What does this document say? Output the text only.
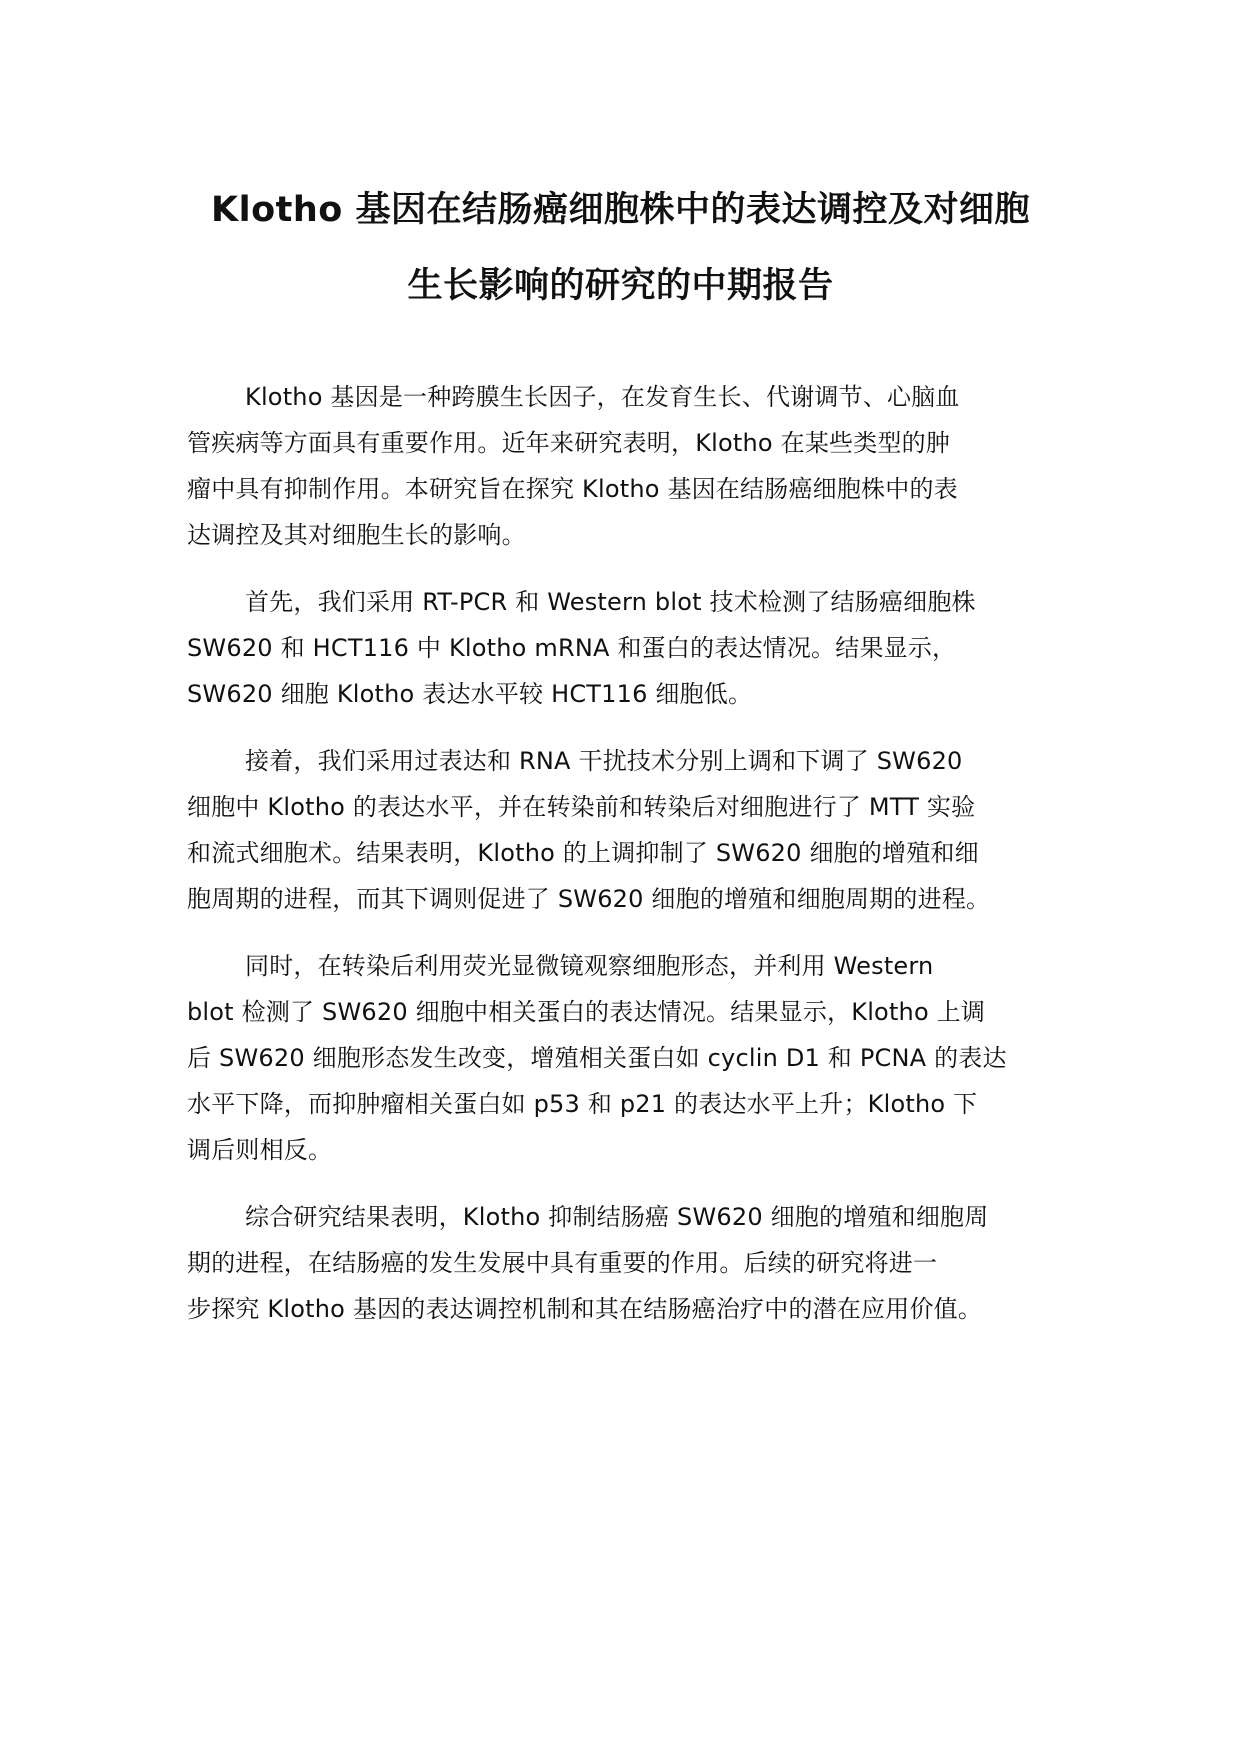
Klotho 基因在结肠癌细胞株中的表达调控及对细胞
生长影响的研究的中期报告
Klotho 基因是一种跨膜生长因子，在发育生长、代谢调节、心脑血
管疾病等方面具有重要作用。近年来研究表明，Klotho 在某些类型的肿
瘤中具有抑制作用。本研究旨在探究 Klotho 基因在结肠癌细胞株中的表
达调控及其对细胞生长的影响。
首先，我们采用 RT-PCR 和 Western blot 技术检测了结肠癌细胞株
SW620 和 HCT116 中 Klotho mRNA 和蛋白的表达情况。结果显示，
SW620 细胞 Klotho 表达水平较 HCT116 细胞低。
接着，我们采用过表达和 RNA 干扰技术分别上调和下调了 SW620
细胞中 Klotho 的表达水平，并在转染前和转染后对细胞进行了 MTT 实验
和流式细胞术。结果表明，Klotho 的上调抑制了 SW620 细胞的增殖和细
胞周期的进程，而其下调则促进了 SW620 细胞的增殖和细胞周期的进程。
同时，在转染后利用荧光显微镜观察细胞形态，并利用 Western
blot 检测了 SW620 细胞中相关蛋白的表达情况。结果显示，Klotho 上调
后 SW620 细胞形态发生改变，增殖相关蛋白如 cyclin D1 和 PCNA 的表达
水平下降，而抑肿瘤相关蛋白如 p53 和 p21 的表达水平上升；Klotho 下
调后则相反。
综合研究结果表明，Klotho 抑制结肠癌 SW620 细胞的增殖和细胞周
期的进程，在结肠癌的发生发展中具有重要的作用。后续的研究将进一
步探究 Klotho 基因的表达调控机制和其在结肠癌治疗中的潜在应用价值。
